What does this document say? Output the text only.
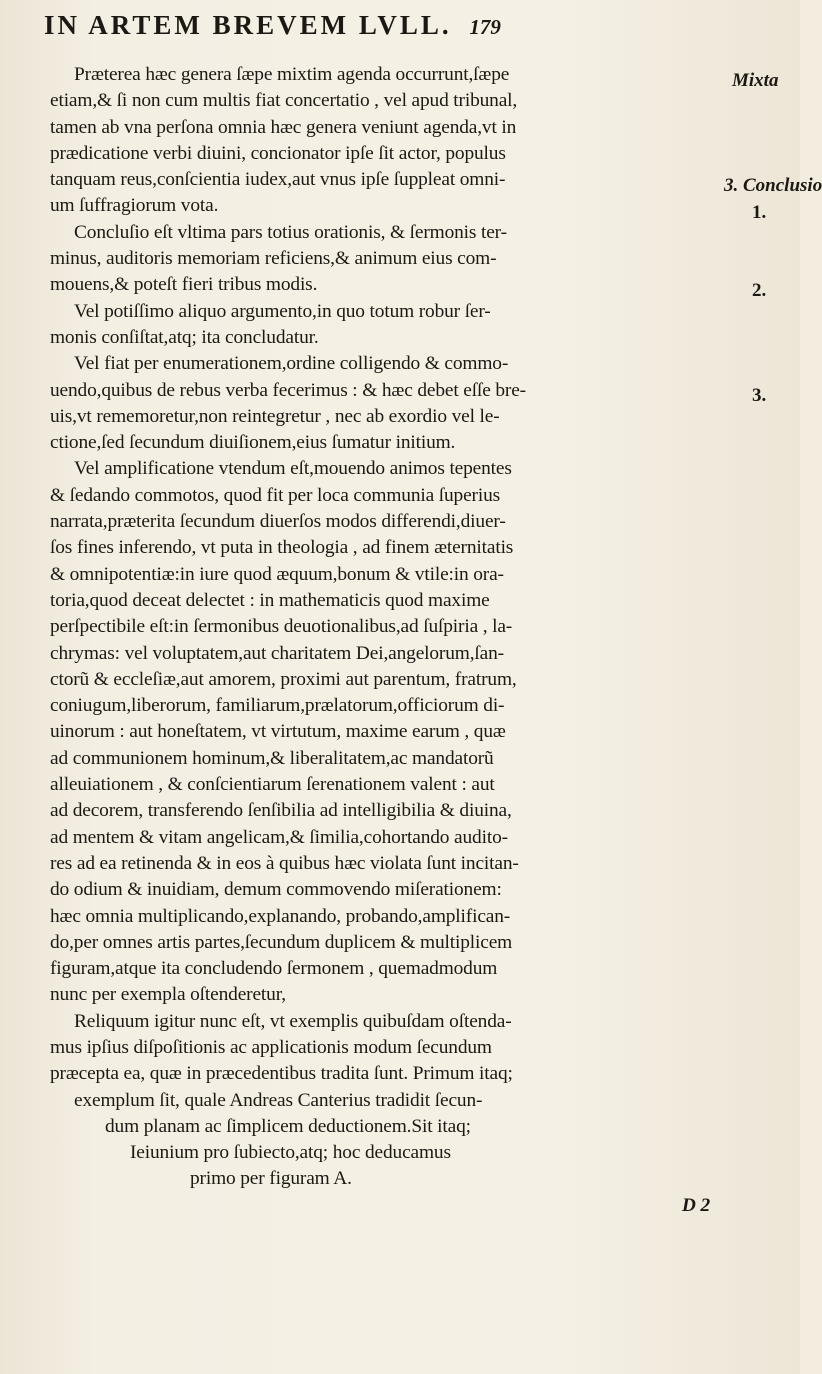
IN ARTEM BREVEM LVLL. 179
Mixta
3. Conclusio
1.
2.
3.
Præterea hæc genera ſæpe mixtim agenda occurrunt,ſæpe
etiam,& ſi non cum multis fiat concertatio , vel apud tribunal,
tamen ab vna perſona omnia hæc genera veniunt agenda,vt in
prædicatione verbi diuini, concionator ipſe ſit actor, populus
tanquam reus,conſcientia iudex,aut vnus ipſe ſuppleat omni-
um ſuffragiorum vota.
Concluſio eſt vltima pars totius orationis, & ſermonis ter-
minus, auditoris memoriam reficiens,& animum eius com-
mouens,& poteſt fieri tribus modis.
Vel potiſſimo aliquo argumento,in quo totum robur ſer-
monis conſiſtat,atq; ita concludatur.
Vel fiat per enumerationem,ordine colligendo & commo-
uendo,quibus de rebus verba fecerimus : & hæc debet eſſe bre-
uis,vt rememoretur,non reintegretur , nec ab exordio vel le-
ctione,ſed ſecundum diuiſionem,eius ſumatur initium.
Vel amplificatione vtendum eſt,mouendo animos tepentes
& ſedando commotos, quod fit per loca communia ſuperius
narrata,præterita ſecundum diuerſos modos differendi,diuer-
ſos fines inferendo, vt puta in theologia , ad finem æternitatis
& omnipotentiæ:in iure quod æquum,bonum & vtile:in ora-
toria,quod deceat delectet : in mathematicis quod maxime
perſpectibile eſt:in ſermonibus deuotionalibus,ad ſuſpiria , la-
chrymas: vel voluptatem,aut charitatem Dei,angelorum,ſan-
ctorũ & eccleſiæ,aut amorem, proximi aut parentum, fratrum,
coniugum,liberorum, familiarum,prælatorum,officiorum di-
uinorum : aut honeſtatem, vt virtutum, maxime earum , quæ
ad communionem hominum,& liberalitatem,ac mandatorũ
alleuiationem , & conſcientiarum ſerenationem valent : aut
ad decorem, transferendo ſenſibilia ad intelligibilia & diuina,
ad mentem & vitam angelicam,& ſimilia,cohortando audito-
res ad ea retinenda & in eos à quibus hæc violata ſunt incitan-
do odium & inuidiam, demum commovendo miſerationem:
hæc omnia multiplicando,explanando, probando,amplifican-
do,per omnes artis partes,ſecundum duplicem & multiplicem
figuram,atque ita concludendo ſermonem , quemadmodum
nunc per exempla oſtenderetur,
Reliquum igitur nunc eſt, vt exemplis quibuſdam oſtenda-
mus ipſius diſpoſitionis ac applicationis modum ſecundum
præcepta ea, quæ in præcedentibus tradita ſunt. Primum itaq;
exemplum ſit, quale Andreas Canterius tradidit ſecun-
dum planam ac ſimplicem deductionem.Sit itaq;
Ieiunium pro ſubiecto,atq; hoc deducamus
primo per figuram A.
D 2
